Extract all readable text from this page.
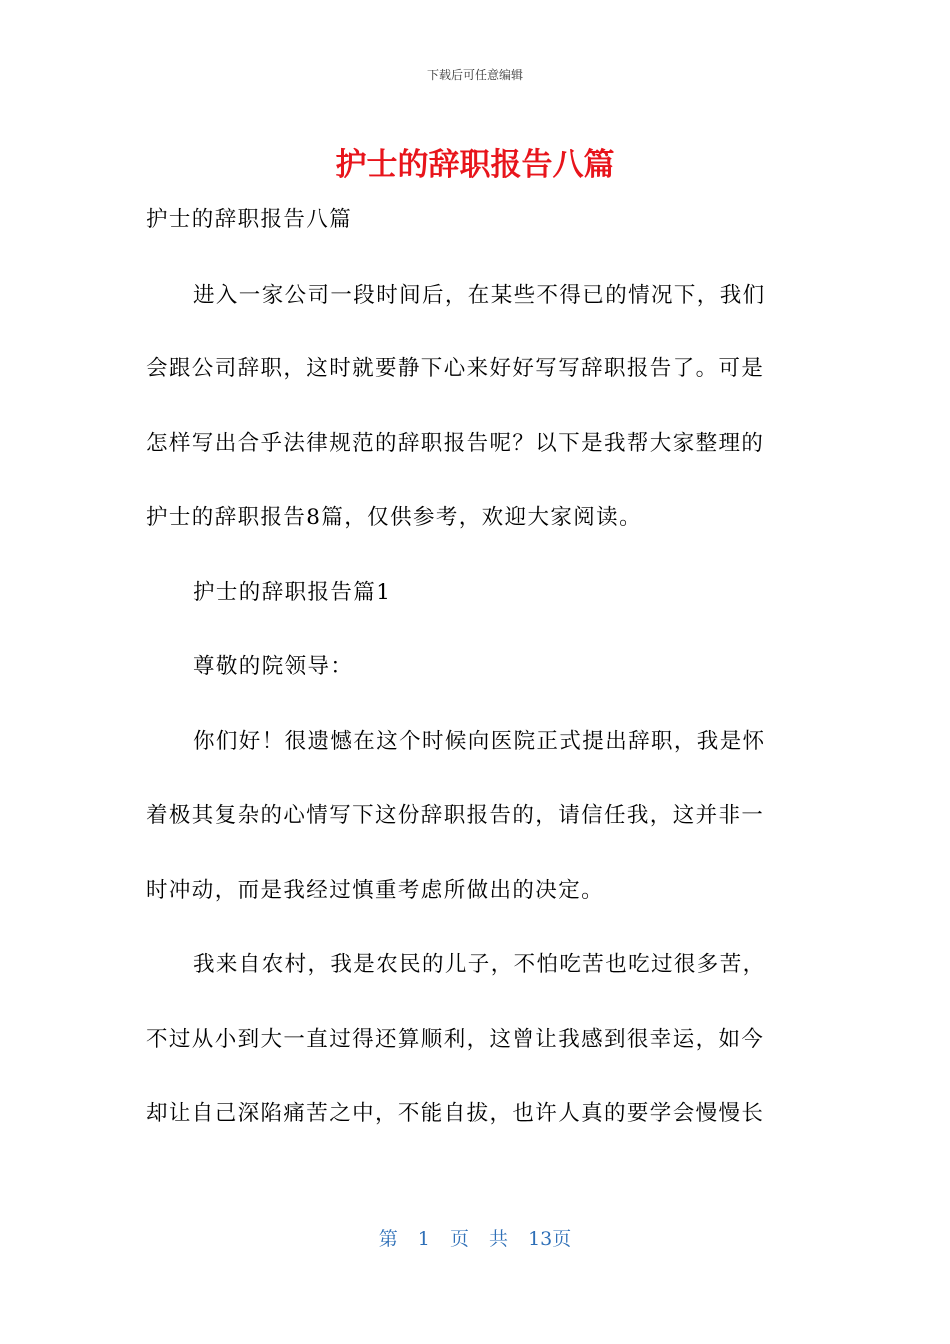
下载后可任意编辑
护士的辞职报告八篇
护士的辞职报告八篇
进入一家公司一段时间后，在某些不得已的情况下，我们
会跟公司辞职，这时就要静下心来好好写写辞职报告了。可是
怎样写出合乎法律规范的辞职报告呢？以下是我帮大家整理的
护士的辞职报告8篇，仅供参考，欢迎大家阅读。
护士的辞职报告篇1
尊敬的院领导：
你们好！很遗憾在这个时候向医院正式提出辞职，我是怀
着极其复杂的心情写下这份辞职报告的，请信任我，这并非一
时冲动，而是我经过慎重考虑所做出的决定。
我来自农村，我是农民的儿子，不怕吃苦也吃过很多苦，
不过从小到大一直过得还算顺利，这曾让我感到很幸运，如今
却让自己深陷痛苦之中，不能自拔，也许人真的要学会慢慢长
第 1 页 共 13页
